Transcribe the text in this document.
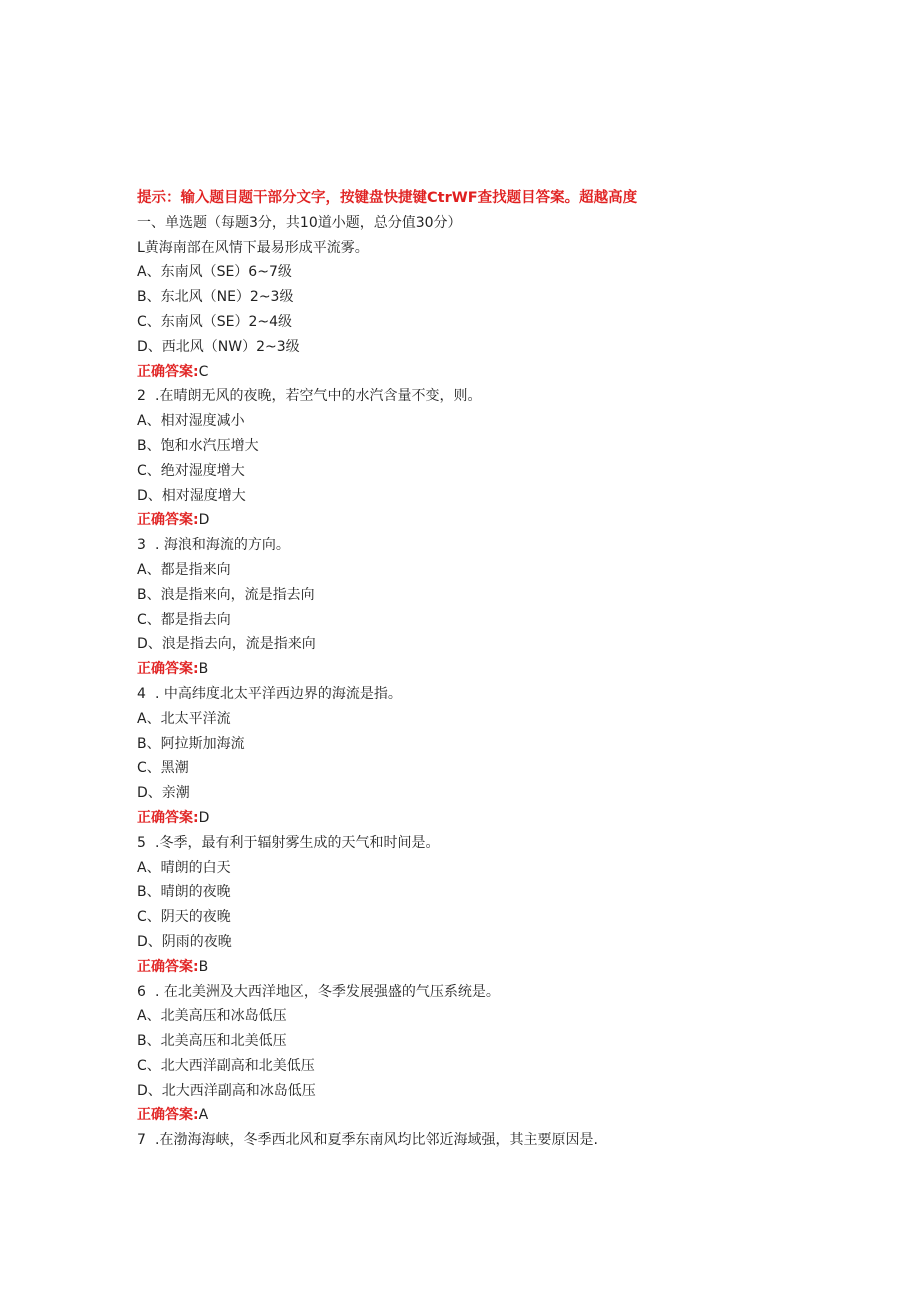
提示：输入题目题干部分文字，按键盘快捷键CtrWF查找题目答案。超越高度
一、单选题（每题3分，共10道小题，总分值30分）
L黄海南部在风情下最易形成平流雾。
A、东南风（SE）6~7级
B、东北风（NE）2~3级
C、东南风（SE）2~4级
D、西北风（NW）2~3级
正确答案:C
2 .在晴朗无风的夜晚，若空气中的水汽含量不变，则。
A、相对湿度减小
B、饱和水汽压增大
C、绝对湿度增大
D、相对湿度增大
正确答案:D
3 . 海浪和海流的方向。
A、都是指来向
B、浪是指来向，流是指去向
C、都是指去向
D、浪是指去向，流是指来向
正确答案:B
4 . 中高纬度北太平洋西边界的海流是指。
A、北太平洋流
B、阿拉斯加海流
C、黑潮
D、亲潮
正确答案:D
5 .冬季，最有利于辐射雾生成的天气和时间是。
A、晴朗的白天
B、晴朗的夜晚
C、阴天的夜晚
D、阴雨的夜晚
正确答案:B
6 . 在北美洲及大西洋地区，冬季发展强盛的气压系统是。
A、北美高压和冰岛低压
B、北美高压和北美低压
C、北大西洋副高和北美低压
D、北大西洋副高和冰岛低压
正确答案:A
7 .在渤海海峡，冬季西北风和夏季东南风均比邻近海域强，其主要原因是.
